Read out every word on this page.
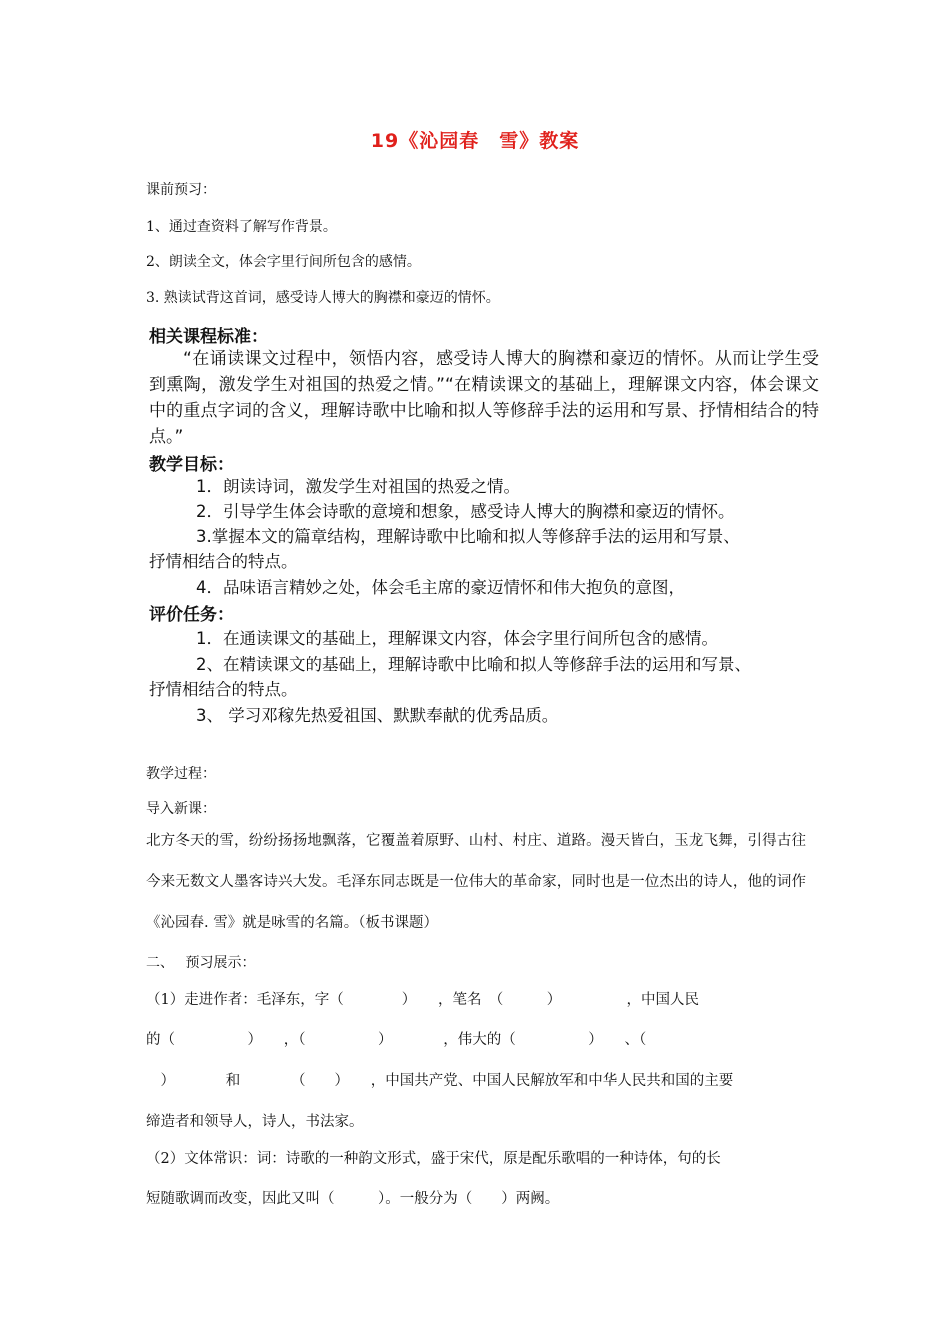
19《沁园春　雪》教案
课前预习：
1、通过查资料了解写作背景。
2、朗读全文，体会字里行间所包含的感情。
3. 熟读试背这首词，感受诗人博大的胸襟和豪迈的情怀。
相关课程标准：
“在诵读课文过程中，领悟内容，感受诗人博大的胸襟和豪迈的情怀。从而让学生受到熏陶，激发学生对祖国的热爱之情。”“在精读课文的基础上，理解课文内容，体会课文中的重点字词的含义，理解诗歌中比喻和拟人等修辞手法的运用和写景、抒情相结合的特点。”
教学目标：
1．朗读诗词，激发学生对祖国的热爱之情。
2．引导学生体会诗歌的意境和想象，感受诗人博大的胸襟和豪迈的情怀。
3.掌握本文的篇章结构，理解诗歌中比喻和拟人等修辞手法的运用和写景、
抒情相结合的特点。
4．品味语言精妙之处，体会毛主席的豪迈情怀和伟大抱负的意图，
评价任务：
1．在通读课文的基础上，理解课文内容，体会字里行间所包含的感情。
2、在精读课文的基础上，理解诗歌中比喻和拟人等修辞手法的运用和写景、
抒情相结合的特点。
3、 学习邓稼先热爱祖国、默默奉献的优秀品质。
教学过程：
导入新课：
北方冬天的雪，纷纷扬扬地飘落，它覆盖着原野、山村、村庄、道路。漫天皆白，玉龙飞舞，引得古往今来无数文人墨客诗兴大发。毛泽东同志既是一位伟大的革命家，同时也是一位杰出的诗人，他的词作《沁园春. 雪》就是咏雪的名篇。（板书课题）
二、　 预习展示：
（1）走进作者：毛泽东，字（　　　　）　　，笔名　（　　　）　　　　　，中国人民
的（　　　　　）　　，（　　　　　）　　　　，伟大的（　　　　　）　　、（
　）　　　　和　　　　（　　）　　，中国共产党、中国人民解放军和中华人民共和国的主要
缔造者和领导人，诗人，书法家。
（2）文体常识：词：诗歌的一种韵文形式，盛于宋代，原是配乐歌唱的一种诗体，句的长
短随歌调而改变，因此又叫（　　　）。一般分为（　　）两阙。
